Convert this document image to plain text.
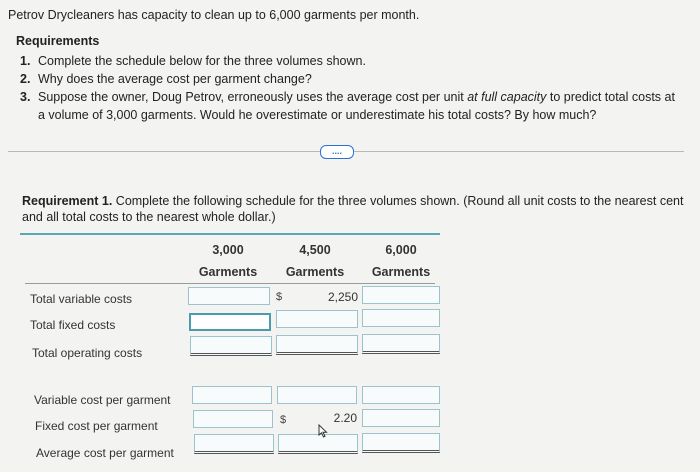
Petrov Drycleaners has capacity to clean up to 6,000 garments per month.
Requirements
1. Complete the schedule below for the three volumes shown.
2. Why does the average cost per garment change?
3. Suppose the owner, Doug Petrov, erroneously uses the average cost per unit at full capacity to predict total costs at a volume of 3,000 garments. Would he overestimate or underestimate his total costs? By how much?
....
Requirement 1. Complete the following schedule for the three volumes shown. (Round all unit costs to the nearest cent and all total costs to the nearest whole dollar.)
3,000
Garments
4,500
Garments
6,000
Garments
Total variable costs
Total fixed costs
Total operating costs
Variable cost per garment
Fixed cost per garment
Average cost per garment
$	2,250
$	2.20
